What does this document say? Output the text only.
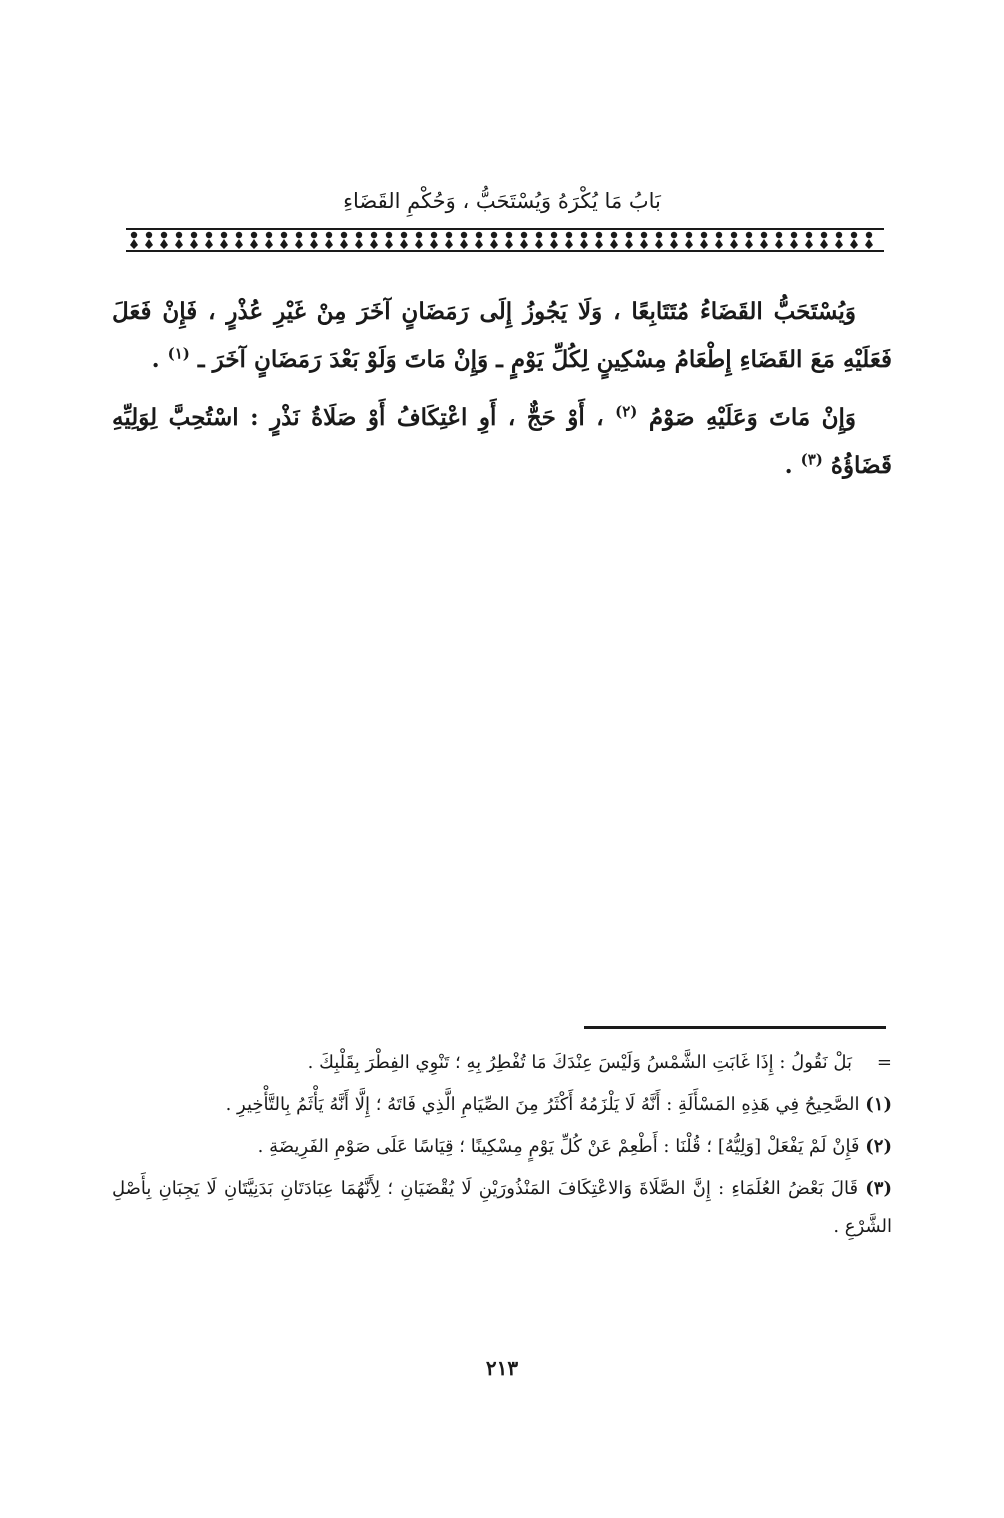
بَابُ مَا يُكْرَهُ وَيُسْتَحَبُّ ، وَحُكْمِ القَضَاءِ

وَيُسْتَحَبُّ القَضَاءُ مُتَتَابِعًا ، وَلَا يَجُوزُ إِلَى رَمَضَانٍ آخَرَ مِنْ غَيْرِ عُذْرٍ ، فَإِنْ فَعَلَ فَعَلَيْهِ مَعَ القَضَاءِ إِطْعَامُ مِسْكِينٍ لِكُلِّ يَوْمٍ ـ وَإِنْ مَاتَ وَلَوْ بَعْدَ رَمَضَانٍ آخَرَ ـ $^{(١)}$ .

وَإِنْ مَاتَ وَعَلَيْهِ صَوْمُ $^{(٢)}$ ، أَوْ حَجٌّ ، أَوِ اعْتِكَافُ أَوْ صَلَاةُ نَذْرٍ : اسْتُحِبَّ لِوَلِيِّهِ قَضَاؤُهُ $^{(٣)}$ .

=
بَلْ نَقُولُ : إِذَا غَابَتِ الشَّمْسُ وَلَيْسَ عِنْدَكَ مَا تُفْطِرُ بِهِ ؛ تَنْوِي الفِطْرَ بِقَلْبِكَ .

(١) الصَّحِيحُ فِي هَذِهِ المَسْأَلَةِ : أَنَّهُ لَا يَلْزَمُهُ أَكْثَرُ مِنَ الصِّيَامِ الَّذِي فَاتَهُ ؛ إِلَّا أَنَّهُ يَأْثَمُ بِالتَّأْخِيرِ .

(٢) فَإِنْ لَمْ يَفْعَلْ [وَلِيُّهُ] ؛ قُلْنَا : أَطْعِمْ عَنْ كُلِّ يَوْمٍ مِسْكِينًا ؛ قِيَاسًا عَلَى صَوْمِ الفَرِيضَةِ .

(٣) قَالَ بَعْضُ العُلَمَاءِ : إِنَّ الصَّلَاةَ وَالاعْتِكَافَ المَنْذُورَيْنِ لَا يُقْضَيَانِ ؛ لِأَنَّهُمَا عِبَادَتَانِ بَدَنِيَّتَانِ لَا يَجِبَانِ بِأَصْلِ الشَّرْعِ .

٢١٣
